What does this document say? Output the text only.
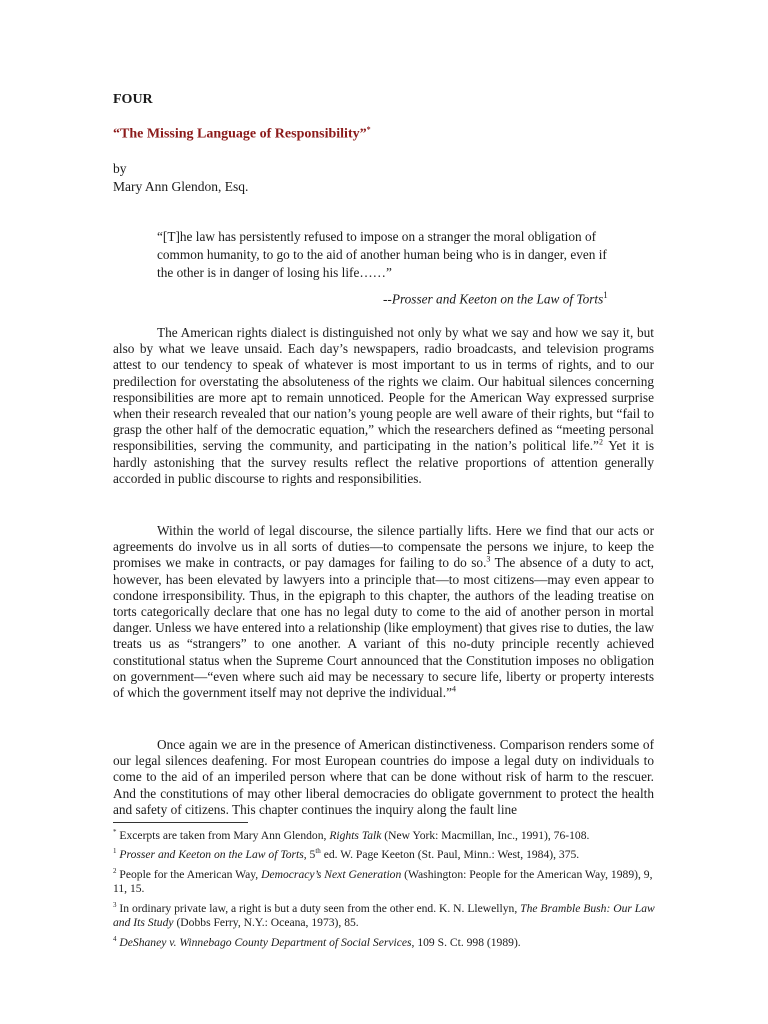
FOUR
“The Missing Language of Responsibility”*
by
Mary Ann Glendon, Esq.
“[T]he law has persistently refused to impose on a stranger the moral obligation of common humanity, to go to the aid of another human being who is in danger, even if the other is in danger of losing his life……”
--Prosser and Keeton on the Law of Torts$^1$

The American rights dialect is distinguished not only by what we say and how we say it, but also by what we leave unsaid. Each day’s newspapers, radio broadcasts, and television programs attest to our tendency to speak of whatever is most important to us in terms of rights, and to our predilection for overstating the absoluteness of the rights we claim. Our habitual silences concerning responsibilities are more apt to remain unnoticed. People for the American Way expressed surprise when their research revealed that our nation’s young people are well aware of their rights, but “fail to grasp the other half of the democratic equation,” which the researchers defined as “meeting personal responsibilities, serving the community, and participating in the nation’s political life.”$^2$ Yet it is hardly astonishing that the survey results reflect the relative proportions of attention generally accorded in public discourse to rights and responsibilities.

Within the world of legal discourse, the silence partially lifts. Here we find that our acts or agreements do involve us in all sorts of duties—to compensate the persons we injure, to keep the promises we make in contracts, or pay damages for failing to do so.$^3$ The absence of a duty to act, however, has been elevated by lawyers into a principle that—to most citizens—may even appear to condone irresponsibility. Thus, in the epigraph to this chapter, the authors of the leading treatise on torts categorically declare that one has no legal duty to come to the aid of another person in mortal danger. Unless we have entered into a relationship (like employment) that gives rise to duties, the law treats us as “strangers” to one another. A variant of this no-duty principle recently achieved constitutional status when the Supreme Court announced that the Constitution imposes no obligation on government—“even where such aid may be necessary to secure life, liberty or property interests of which the government itself may not deprive the individual.”$^4$

Once again we are in the presence of American distinctiveness. Comparison renders some of our legal silences deafening. For most European countries do impose a legal duty on individuals to come to the aid of an imperiled person where that can be done without risk of harm to the rescuer. And the constitutions of may other liberal democracies do obligate government to protect the health and safety of citizens. This chapter continues the inquiry along the fault line

* Excerpts are taken from Mary Ann Glendon, Rights Talk (New York: Macmillan, Inc., 1991), 76-108.
$^1$ Prosser and Keeton on the Law of Torts, 5th ed. W. Page Keeton (St. Paul, Minn.: West, 1984), 375.
$^2$ People for the American Way, Democracy’s Next Generation (Washington: People for the American Way, 1989), 9, 11, 15.
$^3$ In ordinary private law, a right is but a duty seen from the other end. K. N. Llewellyn, The Bramble Bush: Our Law and Its Study (Dobbs Ferry, N.Y.: Oceana, 1973), 85.
$^4$ DeShaney v. Winnebago County Department of Social Services, 109 S. Ct. 998 (1989).
